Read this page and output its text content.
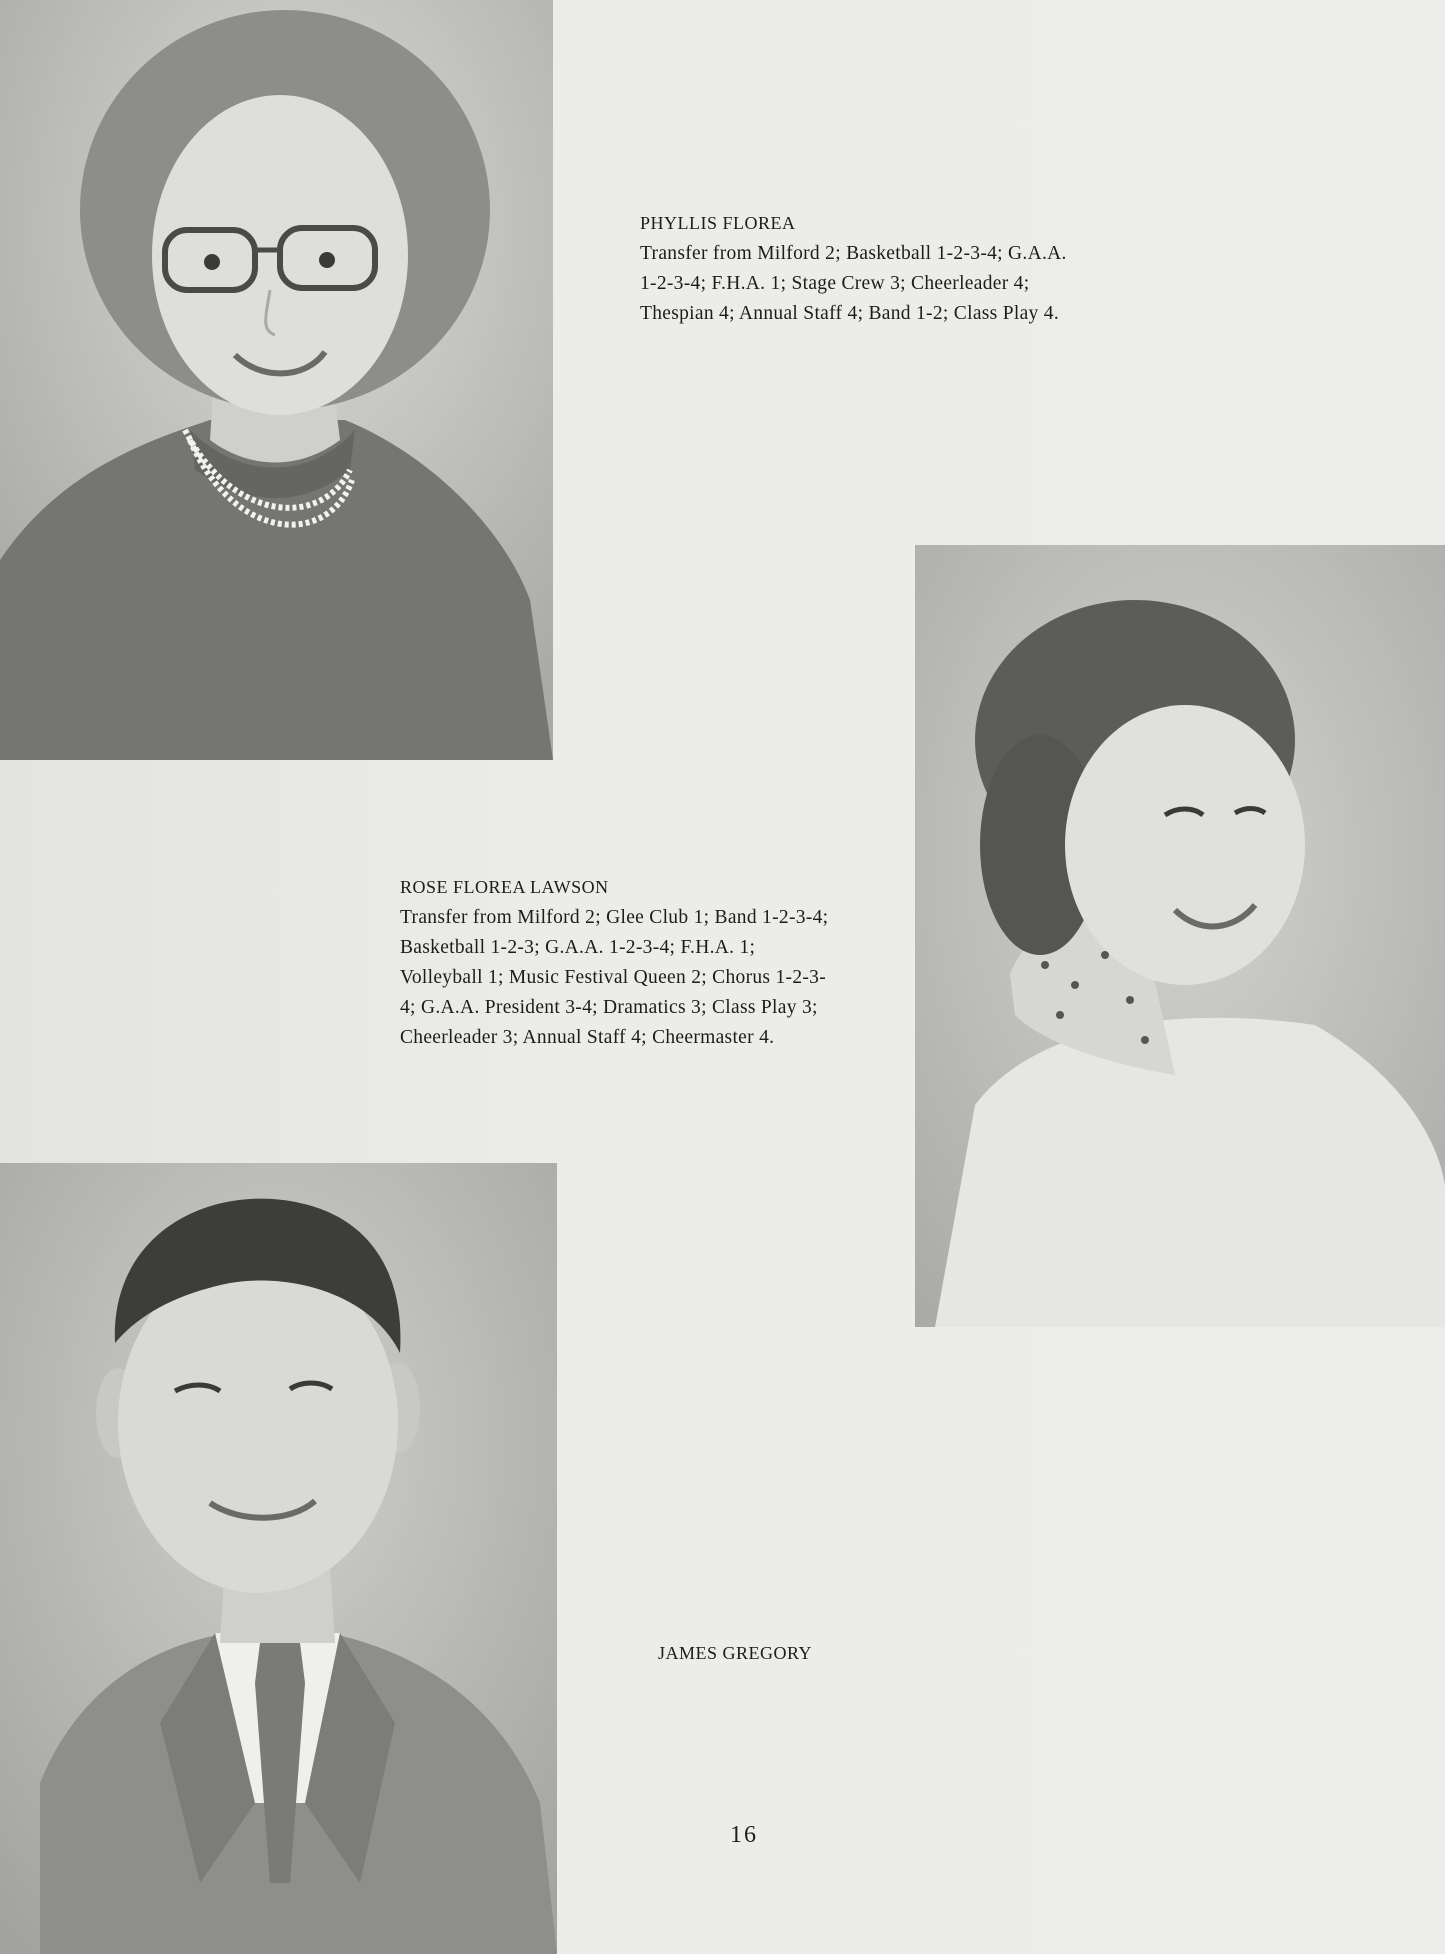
PHYLLIS FLOREA
Transfer from Milford 2; Basketball 1-2-3-4; G.A.A. 1-2-3-4; F.H.A. 1; Stage Crew 3; Cheerleader 4; Thespian 4; Annual Staff 4; Band 1-2; Class Play 4.
ROSE FLOREA LAWSON
Transfer from Milford 2; Glee Club 1; Band 1-2-3-4; Basketball 1-2-3; G.A.A. 1-2-3-4; F.H.A. 1; Volleyball 1; Music Festival Queen 2; Chorus 1-2-3-4; G.A.A. President 3-4; Dramatics 3; Class Play 3; Cheerleader 3; Annual Staff 4; Cheermaster 4.
JAMES GREGORY
16
